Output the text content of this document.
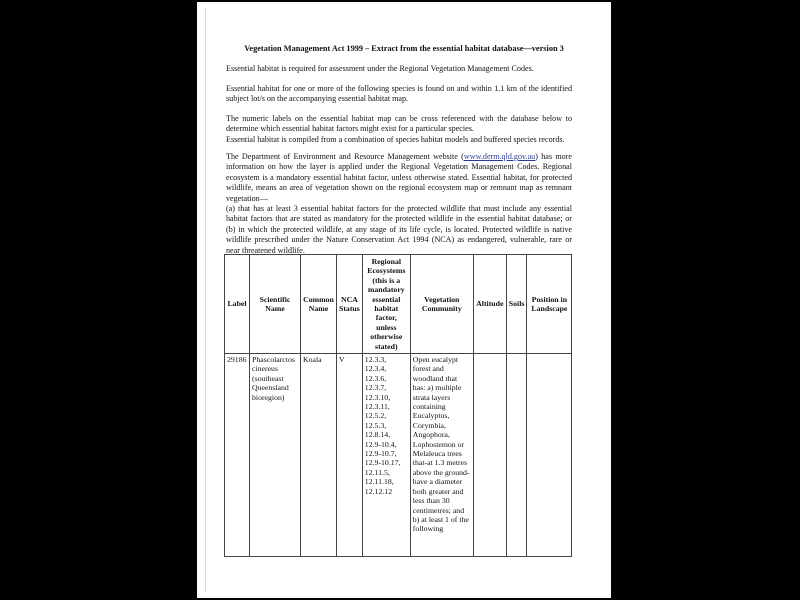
Vegetation Management Act 1999 – Extract from the essential habitat database—version 3

Essential habitat is required for assessment under the Regional Vegetation Management Codes.

Essential habitat for one or more of the following species is found on and within 1.1 km of the identified subject lot/s on the accompanying essential habitat map.

The numeric labels on the essential habitat map can be cross referenced with the database below to determine which essential habitat factors might exist for a particular species.
Essential habitat is compiled from a combination of species habitat models and buffered species records.

The Department of Environment and Resource Management website (www.derm.qld.gov.au) has more information on how the layer is applied under the Regional Vegetation Management Codes. Regional ecosystem is a mandatory essential habitat factor, unless otherwise stated. Essential habitat, for protected wildlife, means an area of vegetation shown on the regional ecosystem map or remnant map as remnant vegetation—
(a) that has at least 3 essential habitat factors for the protected wildlife that must include any essential habitat factors that are stated as mandatory for the protected wildlife in the essential habitat database; or (b) in which the protected wildlife, at any stage of its life cycle, is located. Protected wildlife is native wildlife prescribed under the Nature Conservation Act 1994 (NCA) as endangered, vulnerable, rare or near threatened wildlife.

Label	Scientific Name	Common Name	NCA Status	Regional Ecosystems (this is a mandatory essential habitat factor, unless otherwise stated)	Vegetation Community	Altitude	Soils	Position in Landscape
29186	Phascolarctos cinereus (southeast Queensland bioregion)	Koala	V	12.3.3, 12.3.4, 12.3.6, 12.3.7, 12.3.10, 12.3.11, 12.5.2, 12.5.3, 12.8.14, 12.9-10.4, 12.9-10.7, 12.9-10.17, 12.11.5, 12.11.18, 12.12.12	Open eucalypt forest and woodland that has: a) multiple strata layers containing Eucalyptus, Corymbia, Angophora, Lophostemon or Melaleuca trees that-at 1.3 metres above the ground-have a diameter both greater and less than 30 centimetres; and b) at least 1 of the following			
